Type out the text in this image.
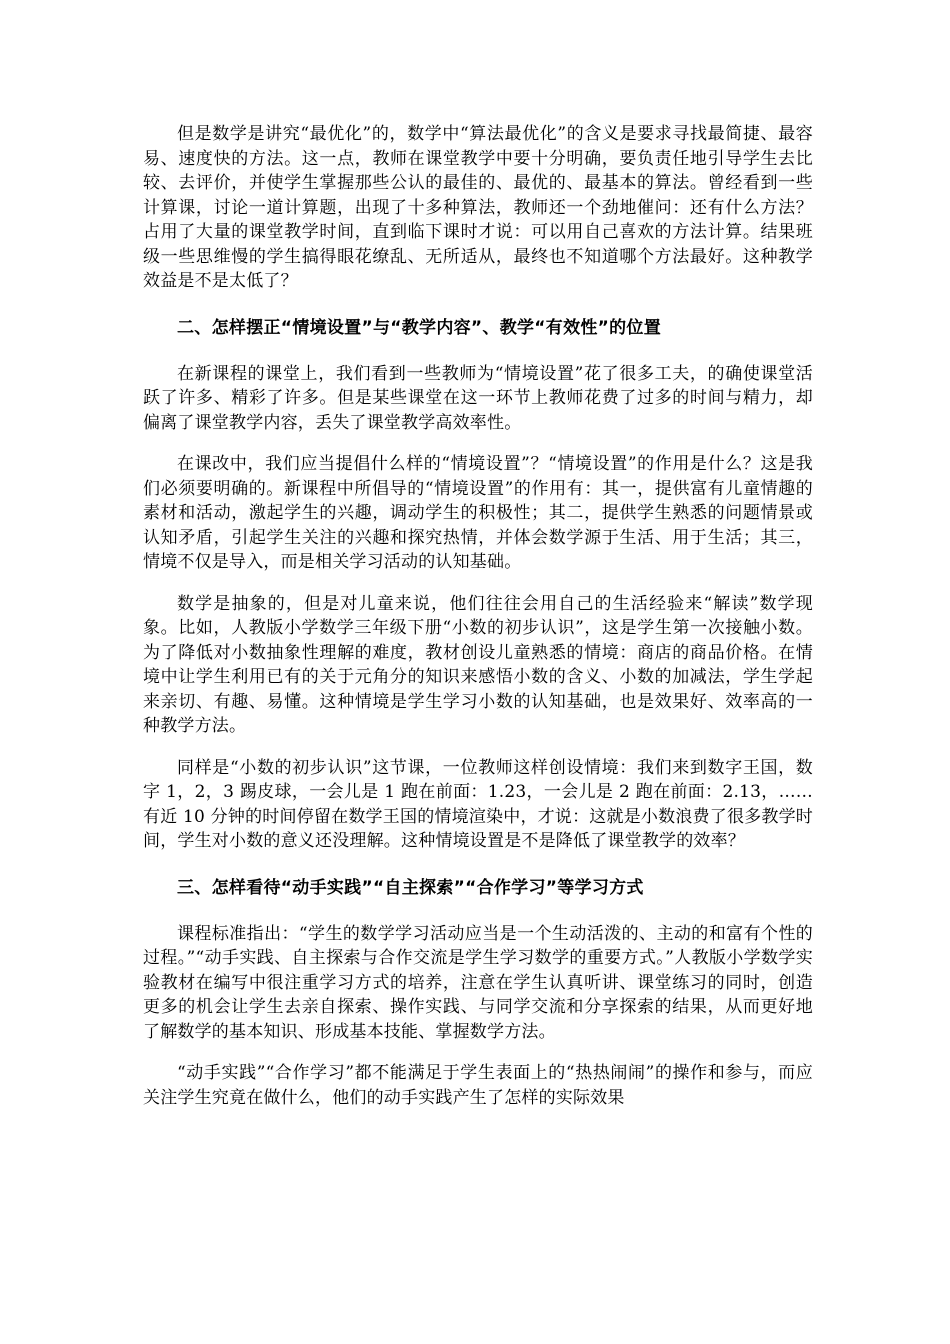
但是数学是讲究“最优化”的，数学中“算法最优化”的含义是要求寻找最简捷、最容易、速度快的方法。这一点，教师在课堂教学中要十分明确，要负责任地引导学生去比较、去评价，并使学生掌握那些公认的最佳的、最优的、最基本的算法。曾经看到一些计算课，讨论一道计算题，出现了十多种算法，教师还一个劲地催问：还有什么方法？占用了大量的课堂教学时间，直到临下课时才说：可以用自己喜欢的方法计算。结果班级一些思维慢的学生搞得眼花缭乱、无所适从，最终也不知道哪个方法最好。这种教学效益是不是太低了？

二、怎样摆正“情境设置”与“教学内容”、教学“有效性”的位置

在新课程的课堂上，我们看到一些教师为“情境设置”花了很多工夫，的确使课堂活跃了许多、精彩了许多。但是某些课堂在这一环节上教师花费了过多的时间与精力，却偏离了课堂教学内容，丢失了课堂教学高效率性。

在课改中，我们应当提倡什么样的“情境设置”？“情境设置”的作用是什么？这是我们必须要明确的。新课程中所倡导的“情境设置”的作用有：其一，提供富有儿童情趣的素材和活动，激起学生的兴趣，调动学生的积极性；其二，提供学生熟悉的问题情景或认知矛盾，引起学生关注的兴趣和探究热情，并体会数学源于生活、用于生活；其三，情境不仅是导入，而是相关学习活动的认知基础。

数学是抽象的，但是对儿童来说，他们往往会用自己的生活经验来“解读”数学现象。比如，人教版小学数学三年级下册“小数的初步认识”，这是学生第一次接触小数。为了降低对小数抽象性理解的难度，教材创设儿童熟悉的情境：商店的商品价格。在情境中让学生利用已有的关于元角分的知识来感悟小数的含义、小数的加减法，学生学起来亲切、有趣、易懂。这种情境是学生学习小数的认知基础，也是效果好、效率高的一种教学方法。

同样是“小数的初步认识”这节课，一位教师这样创设情境：我们来到数字王国，数字 1，2，3 踢皮球，一会儿是 1 跑在前面：1.23，一会儿是 2 跑在前面：2.13，……有近 10 分钟的时间停留在数学王国的情境渲染中，才说：这就是小数浪费了很多教学时间，学生对小数的意义还没理解。这种情境设置是不是降低了课堂教学的效率？

三、怎样看待“动手实践”“自主探索”“合作学习”等学习方式

课程标准指出：“学生的数学学习活动应当是一个生动活泼的、主动的和富有个性的过程。”“动手实践、自主探索与合作交流是学生学习数学的重要方式。”人教版小学数学实验教材在编写中很注重学习方式的培养，注意在学生认真听讲、课堂练习的同时，创造更多的机会让学生去亲自探索、操作实践、与同学交流和分享探索的结果，从而更好地了解数学的基本知识、形成基本技能、掌握数学方法。

“动手实践”“合作学习”都不能满足于学生表面上的“热热闹闹”的操作和参与，而应关注学生究竟在做什么，他们的动手实践产生了怎样的实际效果
